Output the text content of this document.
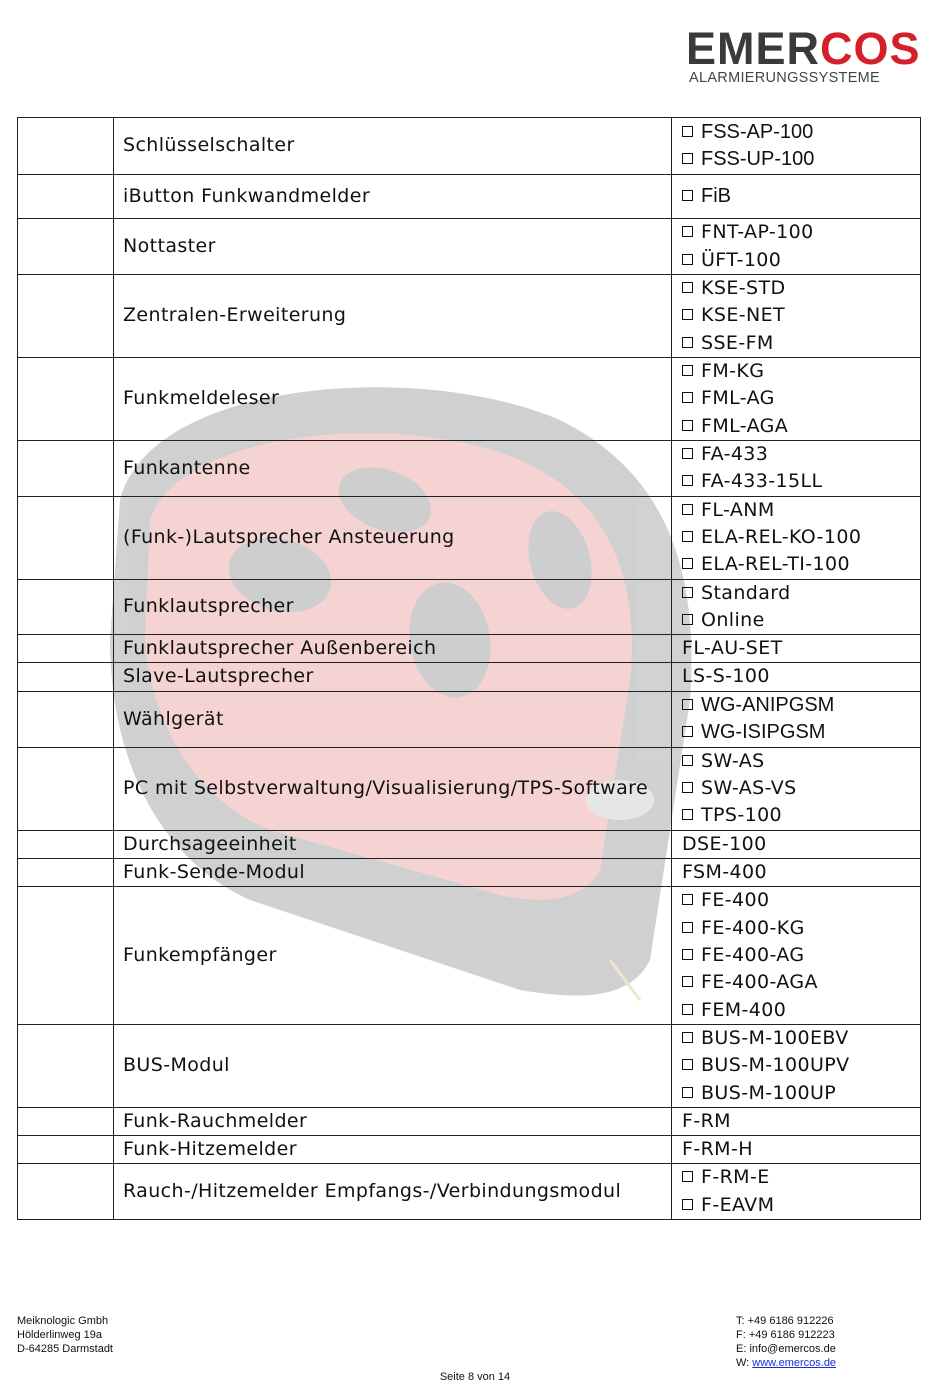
EMERCOS
ALARMIERUNGSSYSTEME
	Schlüsselschalter	FSS-AP-100
FSS-UP-100

	iButton Funkwandmelder	FiB

	Nottaster	FNT-AP-100
ÜFT-100

	Zentralen-Erweiterung	KSE-STD
KSE-NET
SSE-FM

	Funkmeldeleser	FM-KG
FML-AG
FML-AGA

	Funkantenne	FA-433
FA-433-15LL

	(Funk-)Lautsprecher Ansteuerung	FL-ANM
ELA-REL-KO-100
ELA-REL-TI-100

	Funklautsprecher	Standard
Online

	Funklautsprecher Außenbereich	FL-AU-SET

	Slave-Lautsprecher	LS-S-100

	Wählgerät	WG-ANIPGSM
WG-ISIPGSM

	PC mit Selbstverwaltung/Visualisierung/TPS-Software	SW-AS
SW-AS-VS
TPS-100

	Durchsageeinheit	DSE-100

	Funk-Sende-Modul	FSM-400

	Funkempfänger	FE-400
FE-400-KG
FE-400-AG
FE-400-AGA
FEM-400

	BUS-Modul	BUS-M-100EBV
BUS-M-100UPV
BUS-M-100UP

	Funk-Rauchmelder	F-RM

	Funk-Hitzemelder	F-RM-H

	Rauch-/Hitzemelder Empfangs-/Verbindungsmodul	F-RM-E
F-EAVM
Meiknologic Gmbh
Hölderlinweg 19a
D-64285 Darmstadt
T: +49 6186 912226
F: +49 6186 912223
E: info@emercos.de
W: www.emercos.de
Seite 8 von 14
